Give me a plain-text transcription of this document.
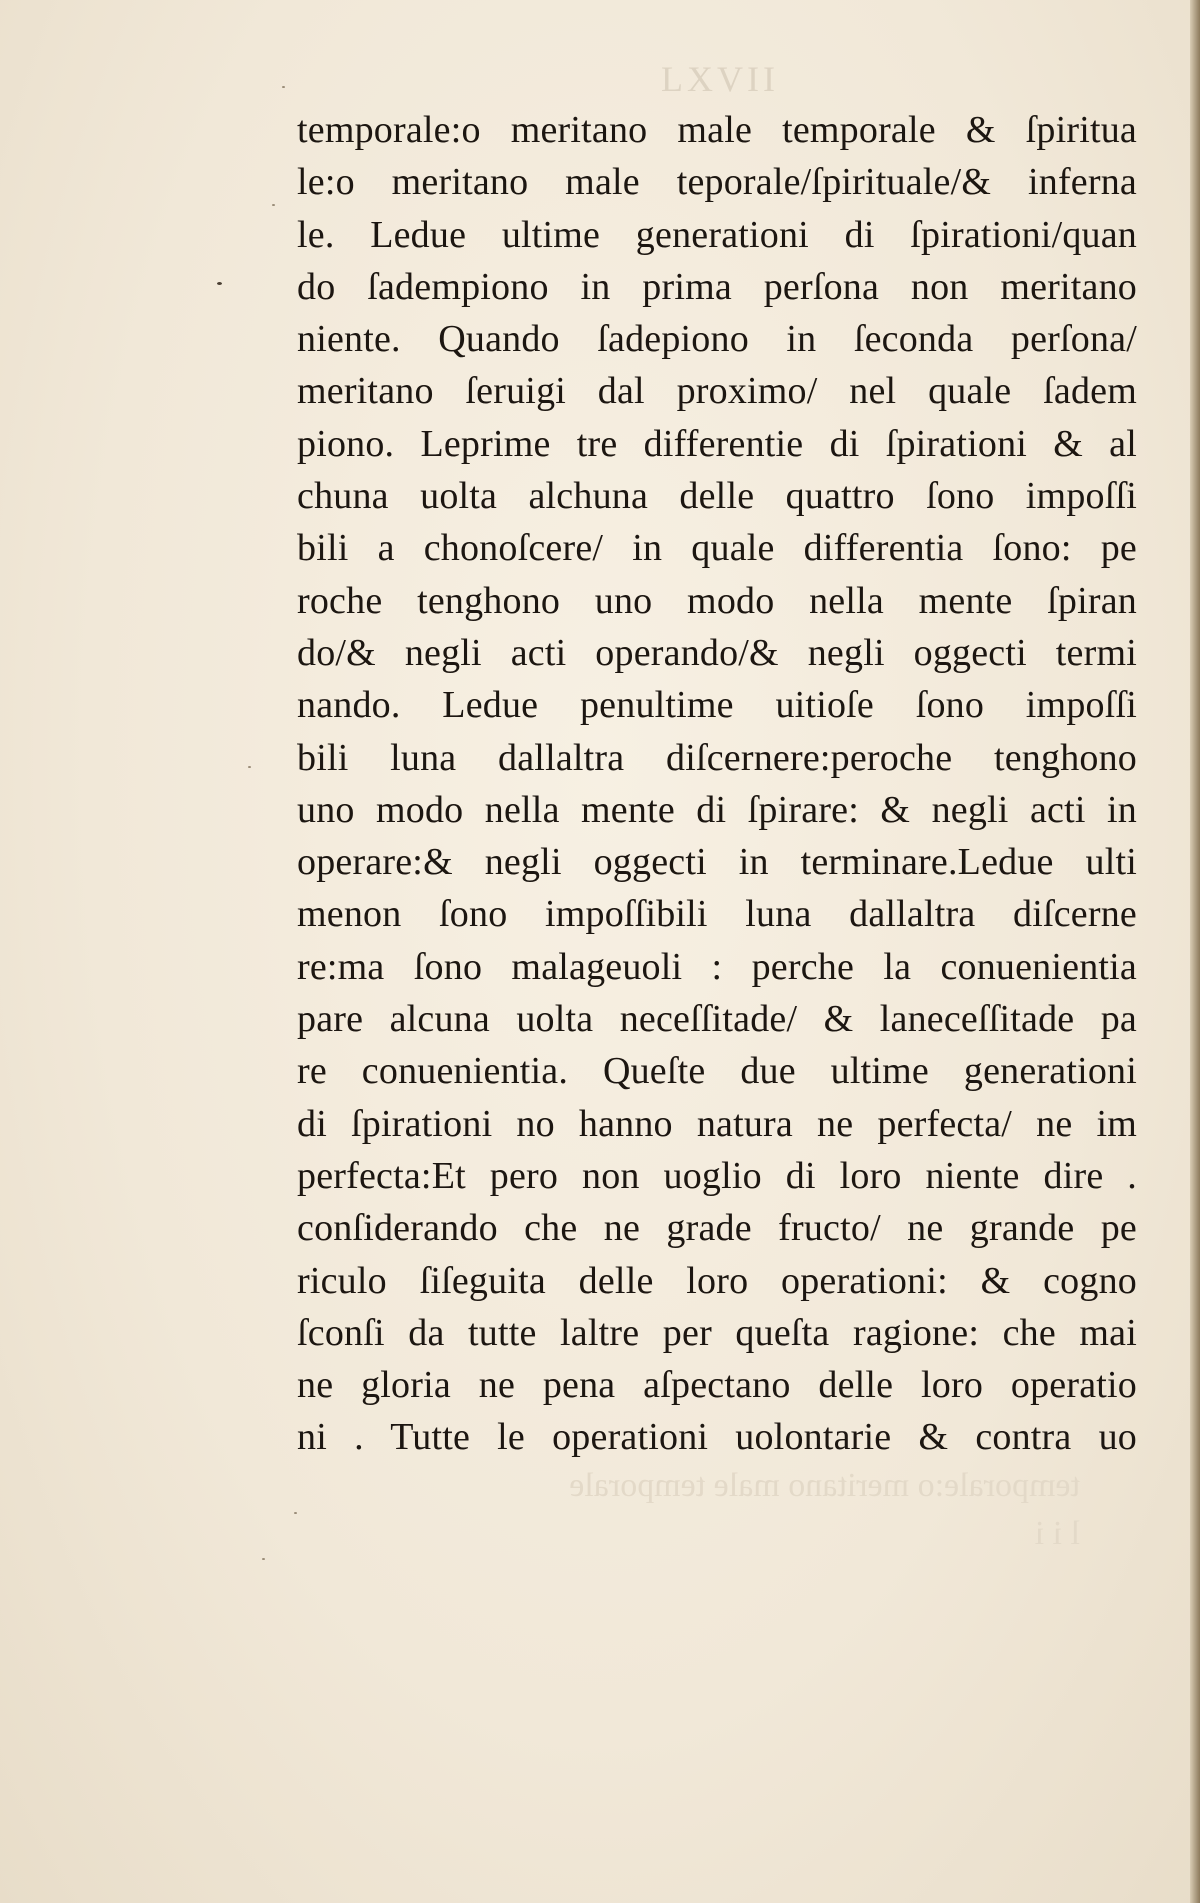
LXVII
temporale:o meritano male temporale & ſpiritua
le:o meritano male teporale/ſpirituale/& inferna
le. Ledue ultime generationi di ſpirationi/quan
do ſadempiono in prima perſona non meritano
niente. Quando ſadepiono in ſeconda perſona/
meritano ſeruigi dal proximo/ nel quale ſadem
piono. Leprime tre differentie di ſpirationi & al
chuna uolta alchuna delle quattro ſono impoſſi
bili a chonoſcere/ in quale differentia ſono: pe
roche tenghono uno modo nella mente ſpiran
do/& negli acti operando/& negli oggecti termi
nando. Ledue penultime uitioſe ſono impoſſi
bili luna dallaltra diſcernere:peroche tenghono
uno modo nella mente di ſpirare: & negli acti in
operare:& negli oggecti in terminare.Ledue ulti
menon ſono impoſſibili luna dallaltra diſcerne
re:ma ſono malageuoli : perche la conuenientia
pare alcuna uolta neceſſitade/ & laneceſſitade pa
re conuenientia. Queſte due ultime generationi
di ſpirationi no hanno natura ne perfecta/ ne im
perfecta:Et pero non uoglio di loro niente dire .
conſiderando che ne grade fructo/ ne grande pe
riculo ſiſeguita delle loro operationi: & cogno
ſconſi da tutte laltre per queſta ragione: che mai
ne gloria ne pena aſpectano delle loro operatio
ni . Tutte le operationi uolontarie & contra uo
temporale:o meritano male temporale
l i i
